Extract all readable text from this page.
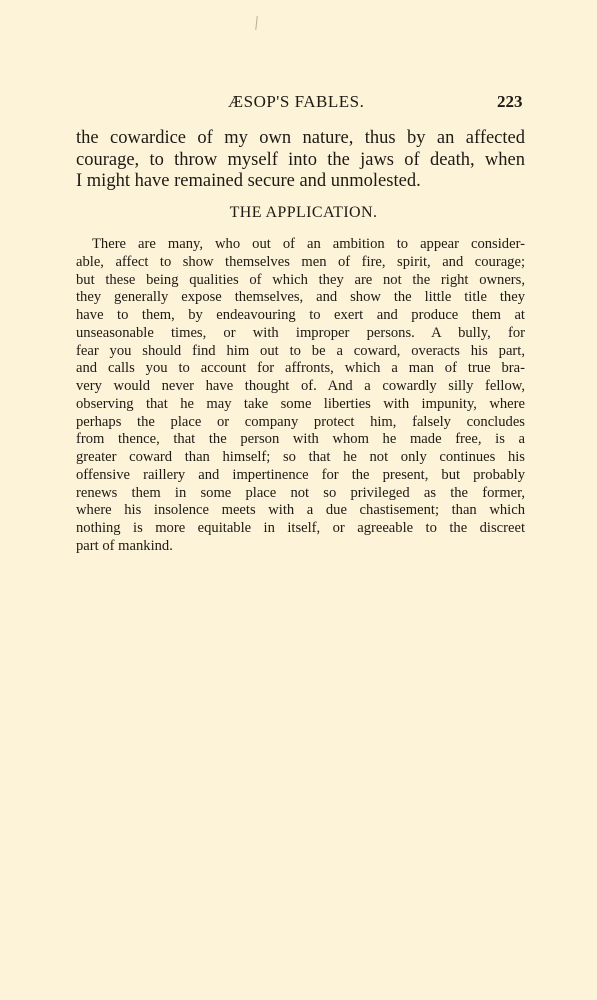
ÆSOP'S FABLES.	223

the cowardice of my own nature, thus by an affected
courage, to throw myself into the jaws of death, when
I might have remained secure and unmolested.

THE APPLICATION.

There are many, who out of an ambition to appear consider-
able, affect to show themselves men of fire, spirit, and courage;
but these being qualities of which they are not the right owners,
they generally expose themselves, and show the little title they
have to them, by endeavouring to exert and produce them at
unseasonable times, or with improper persons. A bully, for
fear you should find him out to be a coward, overacts his part,
and calls you to account for affronts, which a man of true bra-
very would never have thought of. And a cowardly silly fellow,
observing that he may take some liberties with impunity, where
perhaps the place or company protect him, falsely concludes
from thence, that the person with whom he made free, is a
greater coward than himself; so that he not only continues his
offensive raillery and impertinence for the present, but probably
renews them in some place not so privileged as the former,
where his insolence meets with a due chastisement; than which
nothing is more equitable in itself, or agreeable to the discreet
part of mankind.
